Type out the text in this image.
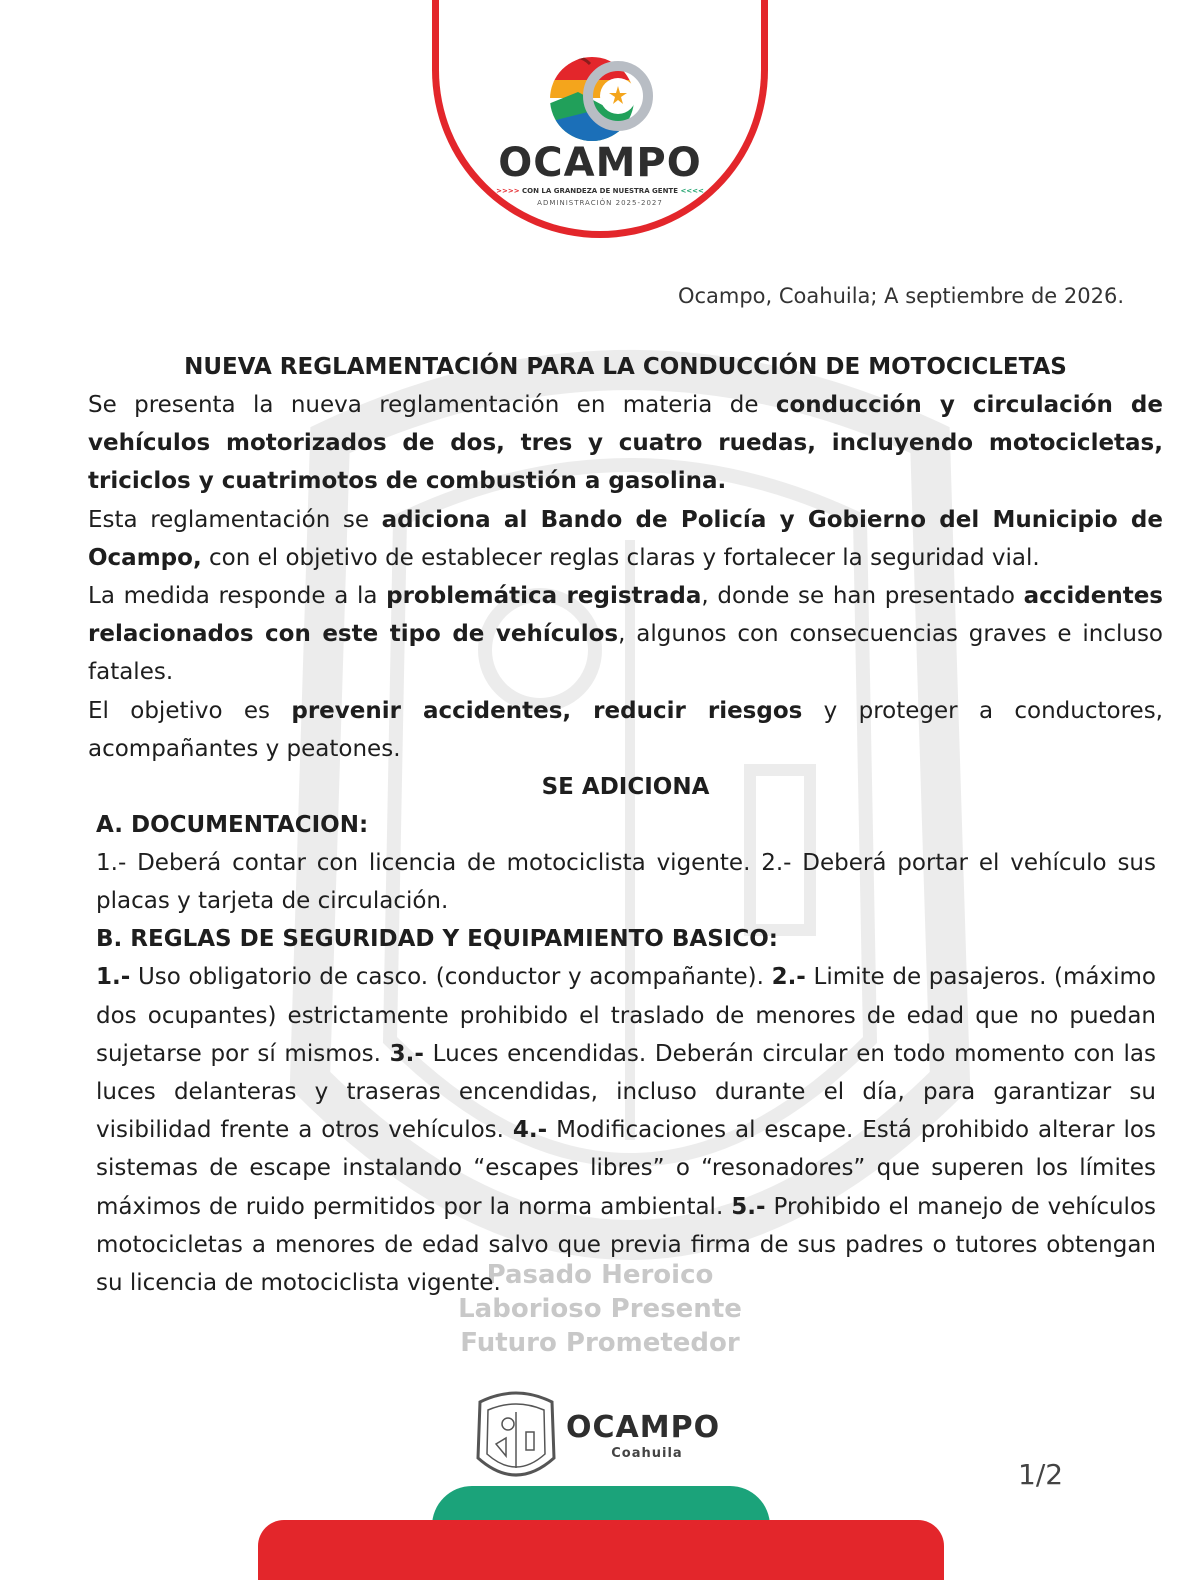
Pasado Heroico
Laborioso Presente
Futuro Prometedor
OCAMPO
>>>> CON LA GRANDEZA DE NUESTRA GENTE <<<<
ADMINISTRACIÓN 2025-2027
Ocampo, Coahuila; A septiembre de 2026.

NUEVA REGLAMENTACIÓN PARA LA CONDUCCIÓN DE MOTOCICLETAS

Se presenta la nueva reglamentación en materia de conducción y circulación de vehículos motorizados de dos, tres y cuatro ruedas, incluyendo motocicletas, triciclos y cuatrimotos de combustión a gasolina.

Esta reglamentación se adiciona al Bando de Policía y Gobierno del Municipio de Ocampo, con el objetivo de establecer reglas claras y fortalecer la seguridad vial.

La medida responde a la problemática registrada, donde se han presentado accidentes relacionados con este tipo de vehículos, algunos con consecuencias graves e incluso fatales.

El objetivo es prevenir accidentes, reducir riesgos y proteger a conductores, acompañantes y peatones.

SE ADICIONA

A. DOCUMENTACION:

1.- Deberá contar con licencia de motociclista vigente. 2.- Deberá portar el vehículo sus placas y tarjeta de circulación.

B. REGLAS DE SEGURIDAD Y EQUIPAMIENTO BASICO:

1.- Uso obligatorio de casco. (conductor y acompañante). 2.- Limite de pasajeros. (máximo dos ocupantes) estrictamente prohibido el traslado de menores de edad que no puedan sujetarse por sí mismos. 3.- Luces encendidas. Deberán circular en todo momento con las luces delanteras y traseras encendidas, incluso durante el día, para garantizar su visibilidad frente a otros vehículos. 4.- Modificaciones al escape. Está prohibido alterar los sistemas de escape instalando “escapes libres” o “resonadores” que superen los límites máximos de ruido permitidos por la norma ambiental. 5.- Prohibido el manejo de vehículos motocicletas a menores de edad salvo que previa firma de sus padres o tutores obtengan su licencia de motociclista vigente.

OCAMPO
Coahuila
1/2
